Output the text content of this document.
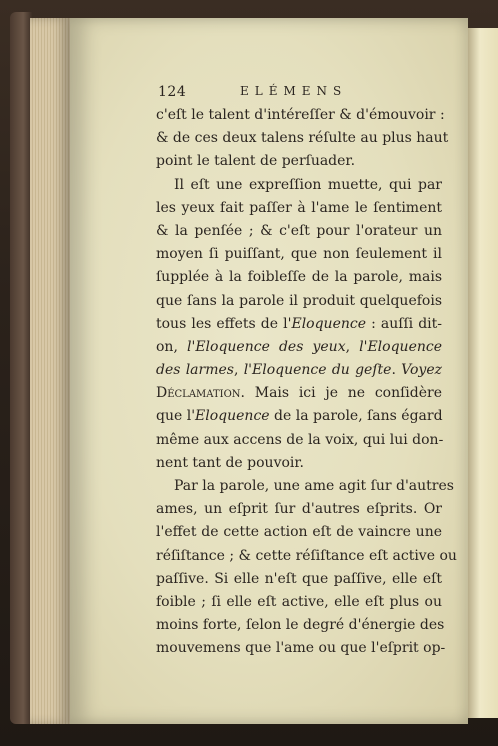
124	ELÉMENS
c'eſt le talent d'intéreſſer & d'émouvoir :
& de ces deux talens réſulte au plus haut
point le talent de perſuader.
Il eſt une expreſſion muette, qui par
les yeux fait paſſer à l'ame le ſentiment
& la penſée ; & c'eſt pour l'orateur un
moyen ſi puiſſant, que non ſeulement il
ſupplée à la foibleſſe de la parole, mais
que ſans la parole il produit quelquefois
tous les effets de l'Eloquence : auſſi dit-
on, l'Eloquence des yeux, l'Eloquence
des larmes, l'Eloquence du geſte. Voyez
Déclamation. Mais ici je ne conſidère
que l'Eloquence de la parole, ſans égard
même aux accens de la voix, qui lui don-
nent tant de pouvoir.
Par la parole, une ame agit ſur d'autres
ames, un eſprit ſur d'autres eſprits. Or
l'effet de cette action eſt de vaincre une
réſiſtance ; & cette réſiſtance eſt active ou
paſſive. Si elle n'eſt que paſſive, elle eſt
foible ; ſi elle eſt active, elle eſt plus ou
moins forte, ſelon le degré d'énergie des
mouvemens que l'ame ou que l'eſprit op-
